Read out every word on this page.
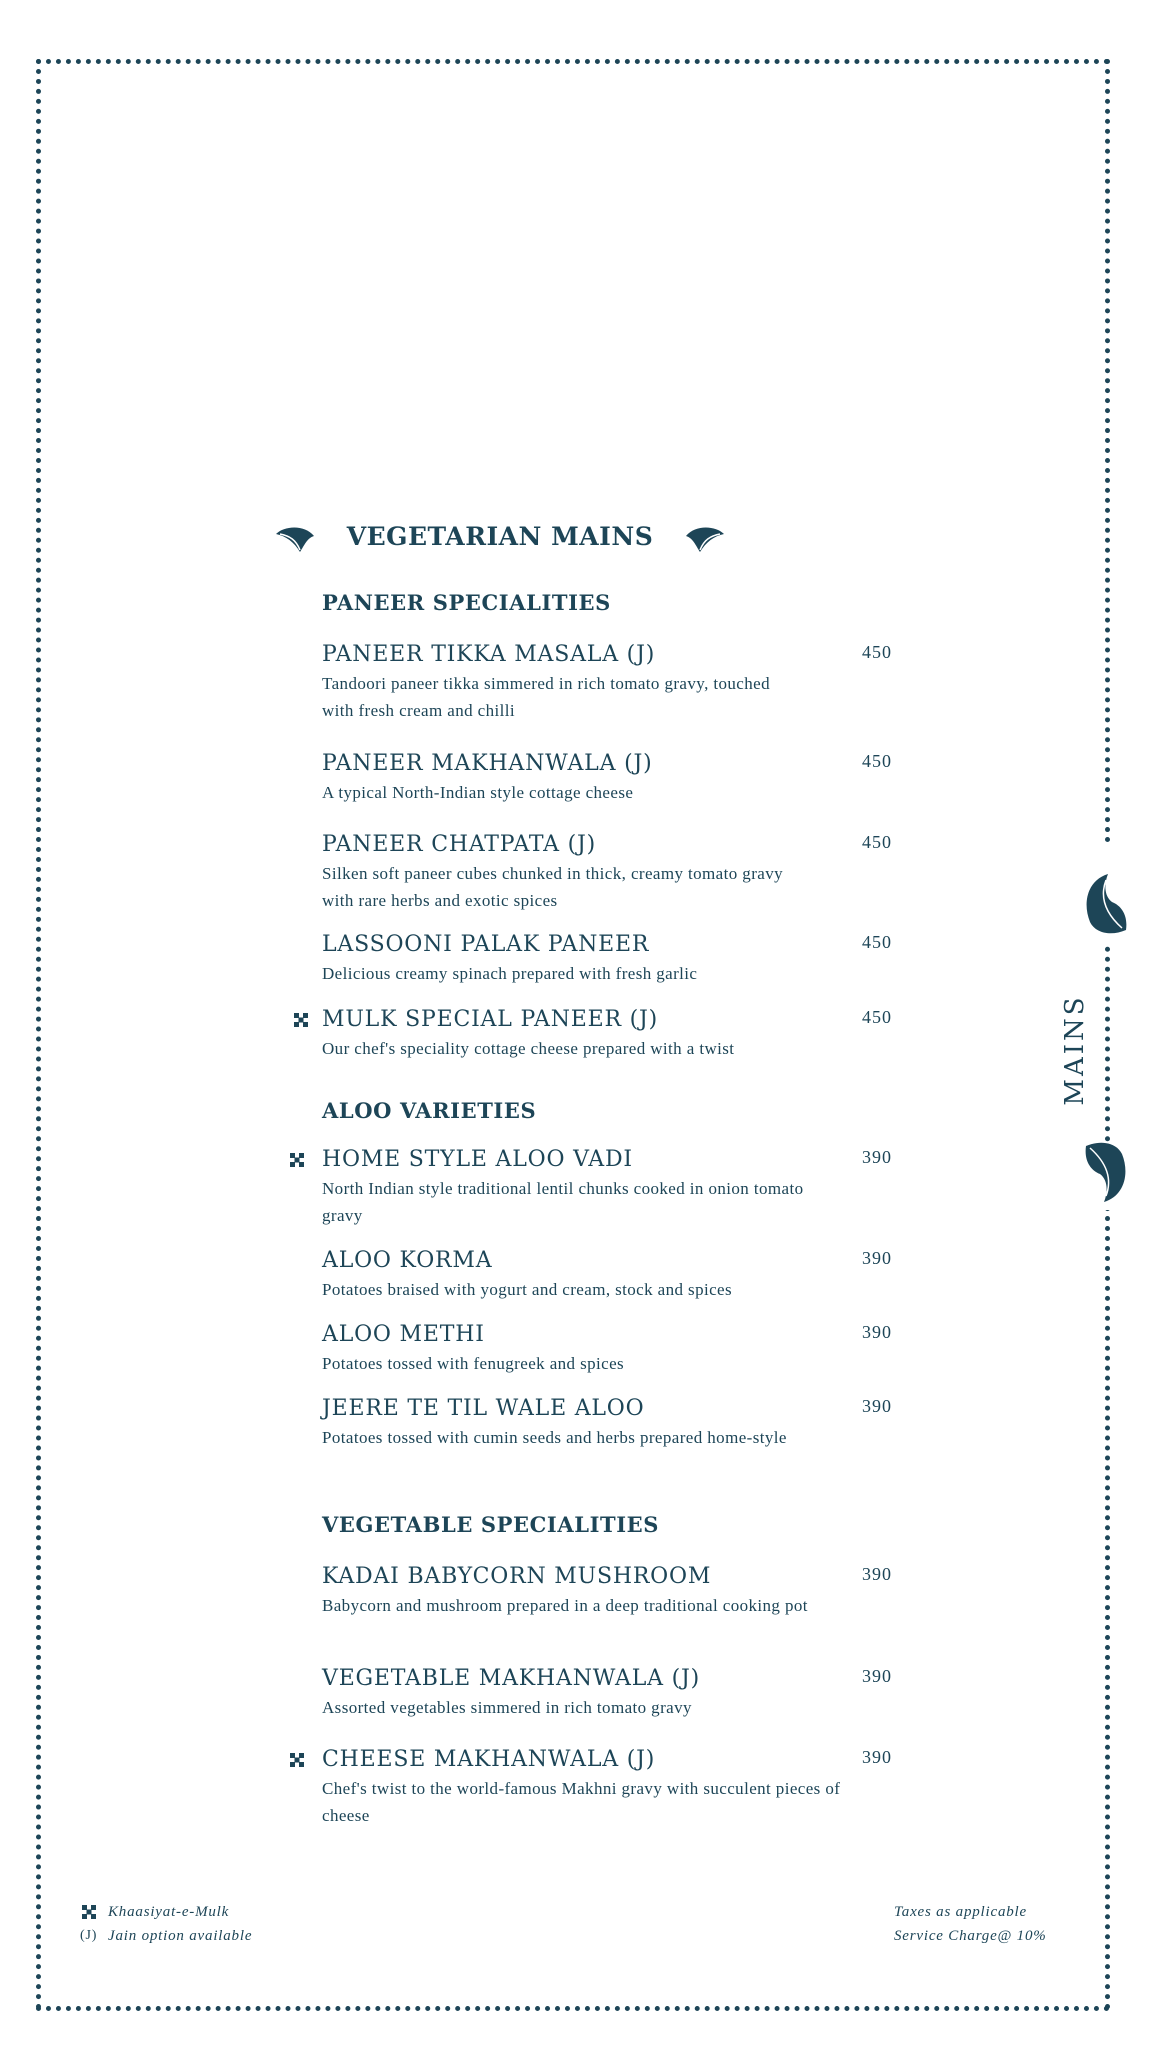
VEGETARIAN MAINS
PANEER SPECIALITIES
PANEER TIKKA MASALA (J)
Tandoori paneer tikka simmered in rich tomato gravy, touched with fresh cream and chilli
450
PANEER MAKHANWALA (J)
A typical North-Indian style cottage cheese
450
PANEER CHATPATA (J)
Silken soft paneer cubes chunked in thick, creamy tomato gravy with rare herbs and exotic spices
450
LASSOONI PALAK PANEER
Delicious creamy spinach prepared with fresh garlic
450
MULK SPECIAL PANEER (J)
Our chef's speciality cottage cheese prepared with a twist
450
ALOO VARIETIES
HOME STYLE ALOO VADI
North Indian style traditional lentil chunks cooked in onion tomato gravy
390
ALOO KORMA
Potatoes braised with yogurt and cream, stock and spices
390
ALOO METHI
Potatoes tossed with fenugreek and spices
390
JEERE TE TIL WALE ALOO
Potatoes tossed with cumin seeds and herbs prepared home-style
390
VEGETABLE SPECIALITIES
KADAI BABYCORN MUSHROOM
Babycorn and mushroom prepared in a deep traditional cooking pot
390
VEGETABLE MAKHANWALA (J)
Assorted vegetables simmered in rich tomato gravy
390
CHEESE MAKHANWALA (J)
Chef's twist to the world-famous Makhni gravy with succulent pieces of cheese
390
MAINS
Khaasiyat-e-Mulk
(J) Jain option available
Taxes as applicable
Service Charge@ 10%
